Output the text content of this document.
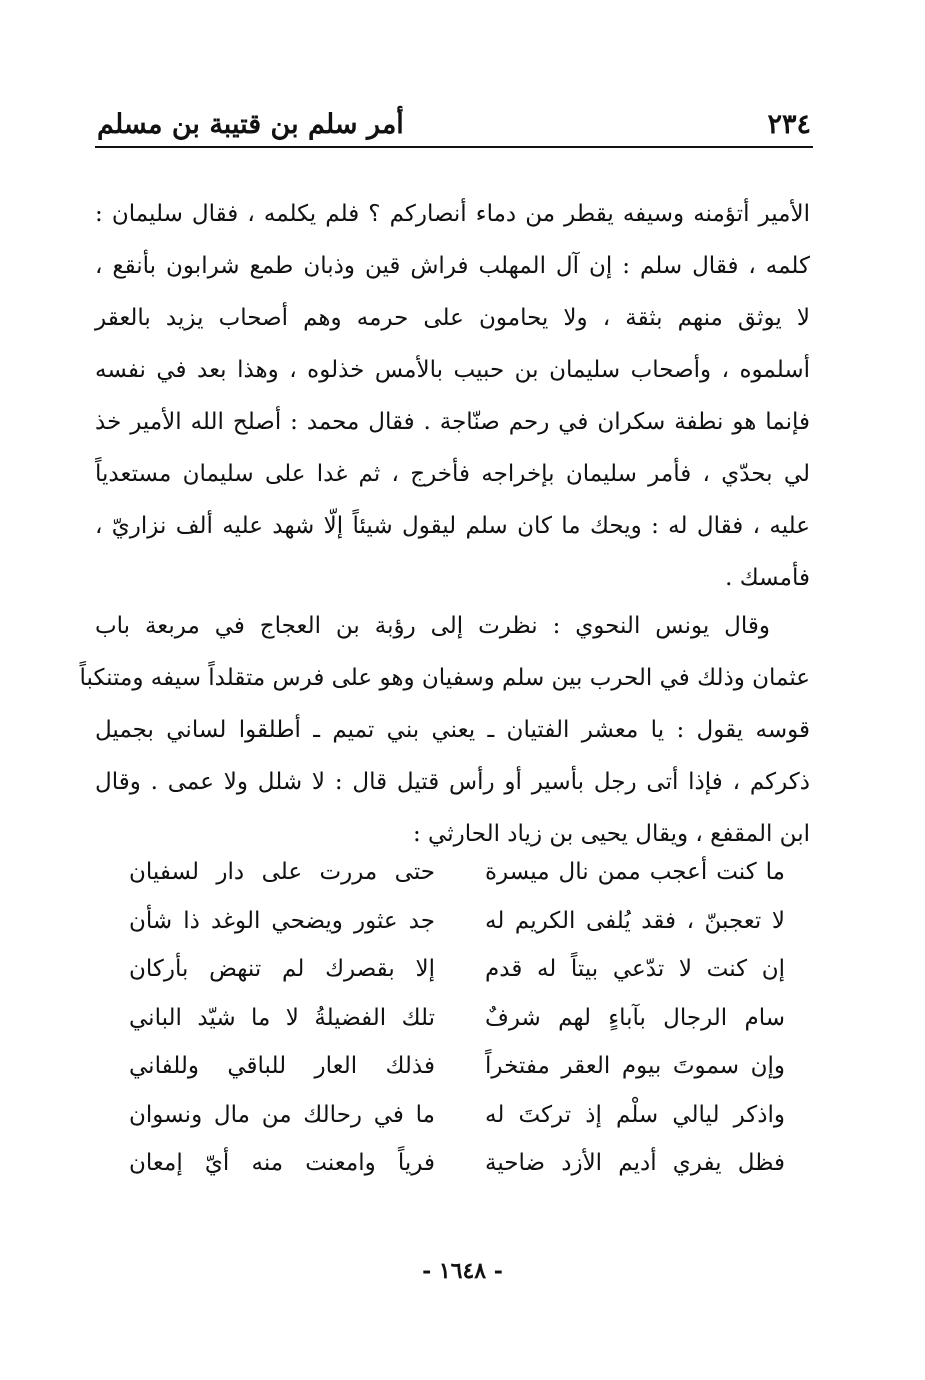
أمر سلم بن قتيبة بن مسلم	٢٣٤
الأمير أتؤمنه وسيفه يقطر من دماء أنصاركم ؟ فلم يكلمه ، فقال سليمان :
كلمه ، فقال سلم : إن آل المهلب فراش قين وذبان طمع شرابون بأنقع ،
لا يوثق منهم بثقة ، ولا يحامون على حرمه وهم أصحاب يزيد بالعقر
أسلموه ، وأصحاب سليمان بن حبيب بالأمس خذلوه ، وهذا بعد في نفسه
فإنما هو نطفة سكران في رحم صنّاجة . فقال محمد : أصلح الله الأمير خذ
لي بحدّي ، فأمر سليمان بإخراجه فأخرج ، ثم غدا على سليمان مستعدياً
عليه ، فقال له : ويحك ما كان سلم ليقول شيئاً إلّا شهد عليه ألف نزاريّ ،
فأمسك .
وقال يونس النحوي : نظرت إلى رؤبة بن العجاج في مربعة باب
عثمان وذلك في الحرب بين سلم وسفيان وهو على فرس متقلداً سيفه ومتنكباً
قوسه يقول : يا معشر الفتيان ـ يعني بني تميم ـ أطلقوا لساني بجميل
ذكركم ، فإذا أتى رجل بأسير أو رأس قتيل قال : لا شلل ولا عمى . وقال
ابن المقفع ، ويقال يحيى بن زياد الحارثي :
ما كنت أعجب ممن نال ميسرة
حتى مررت على دار لسفيان
لا تعجبنّ ، فقد يُلفى الكريم له
جد عثور ويضحي الوغد ذا شأن
إن كنت لا تدّعي بيتاً له قدم
إلا بقصرك لم تنهض بأركان
سام الرجال بآباءٍ لهم شرفٌ
تلك الفضيلةُ لا ما شيّد الباني
وإن سموتَ بيوم العقر مفتخراً
فذلك العار للباقي وللفاني
واذكر ليالي سلْم إذ تركتَ له
ما في رحالك من مال ونسوان
فظل يفري أديم الأزد ضاحية
فرياً وامعنت منه أيّ إمعان
- ١٦٤٨ -
